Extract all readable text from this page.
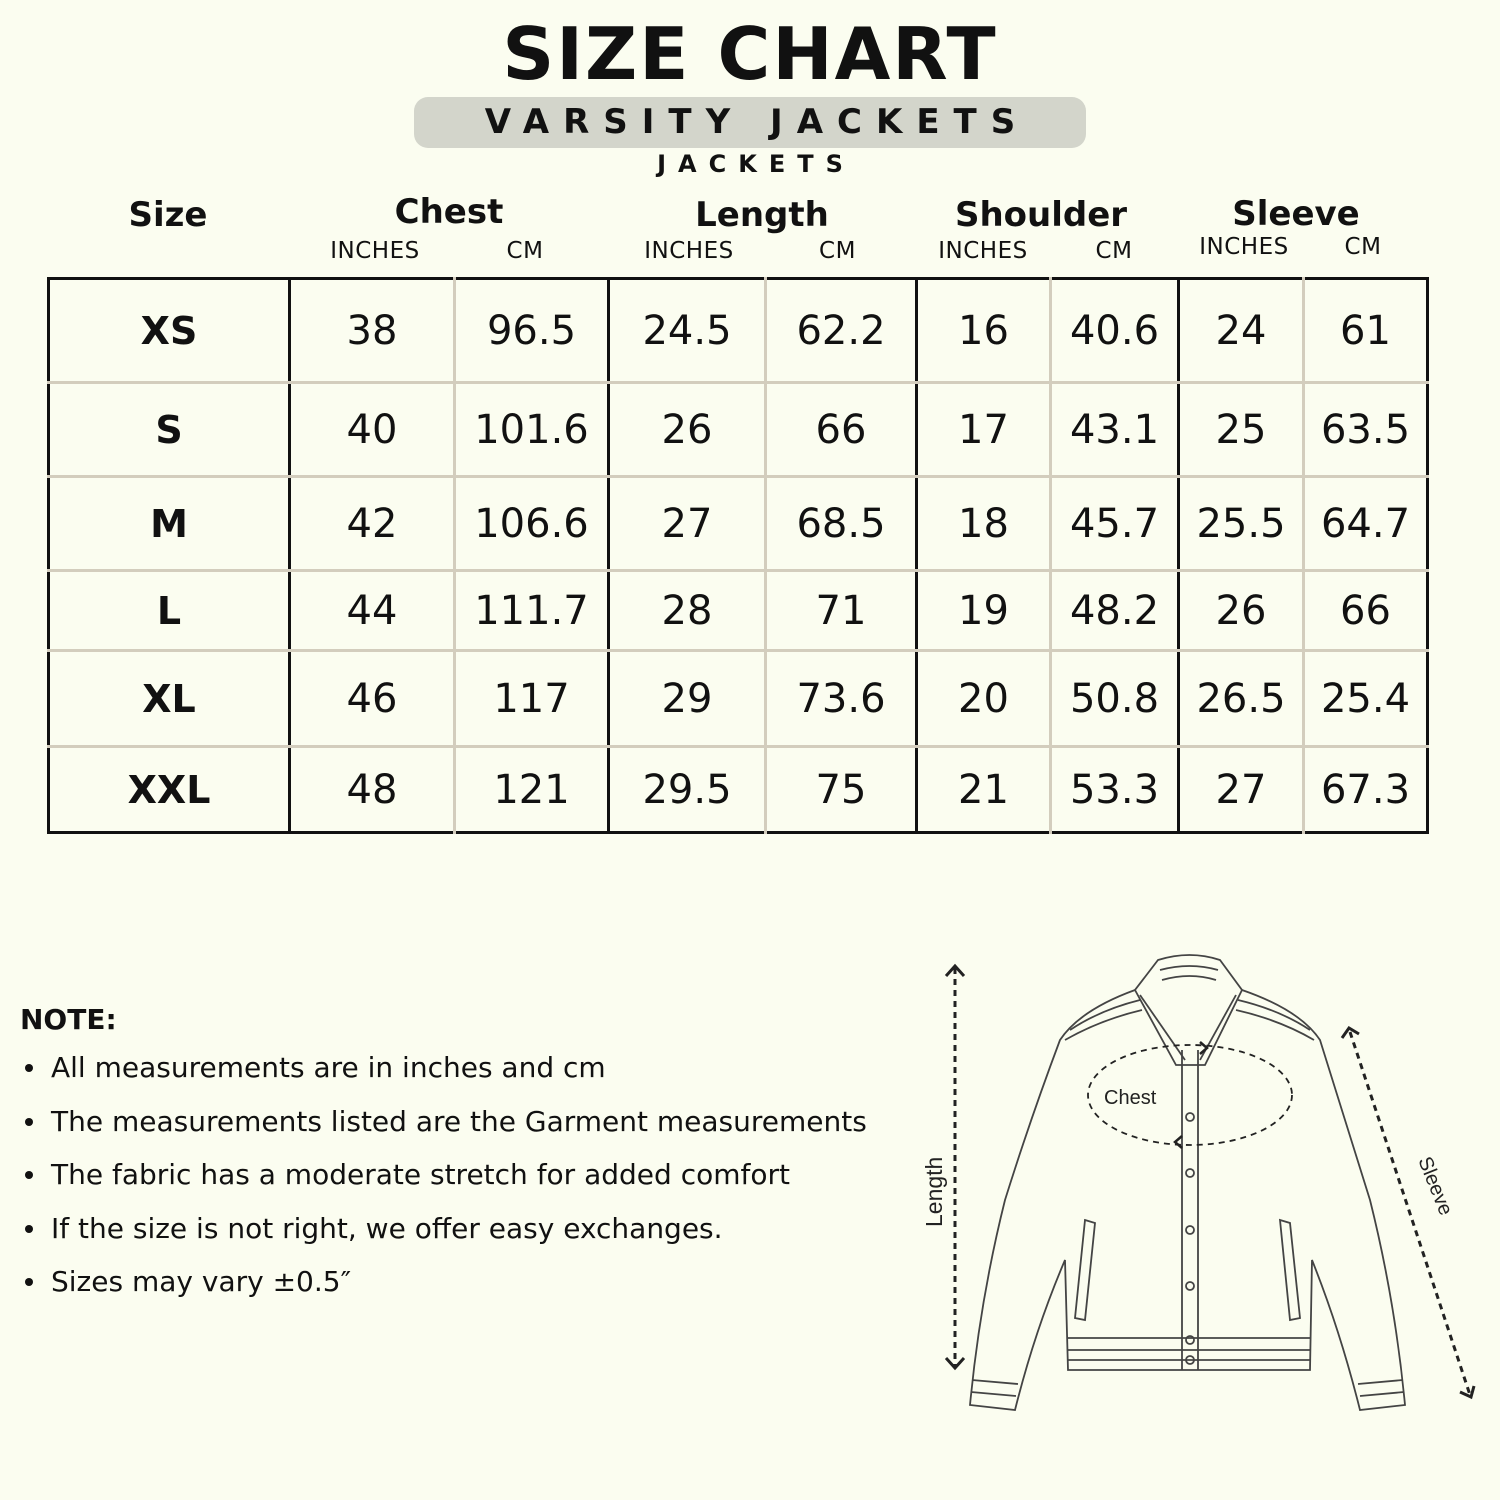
SIZE CHART
VARSITY JACKETS
JACKETS
Size	Chest
INCHES	CM
Length
INCHES	CM
Shoulder
INCHES	CM
Sleeve
INCHES	CM
XS	38	96.5	24.5	62.2	16	40.6	24	61
S	40	101.6	26	66	17	43.1	25	63.5
M	42	106.6	27	68.5	18	45.7	25.5	64.7
L	44	111.7	28	71	19	48.2	26	66
XL	46	117	29	73.6	20	50.8	26.5	25.4
XXL	48	121	29.5	75	21	53.3	27	67.3
NOTE:
All measurements are in inches and cm
The measurements listed are the Garment measurements
The fabric has a moderate stretch for added comfort
If the size is not right, we offer easy exchanges.
Sizes may vary ±0.5″
Chest
Length	Sleeve
